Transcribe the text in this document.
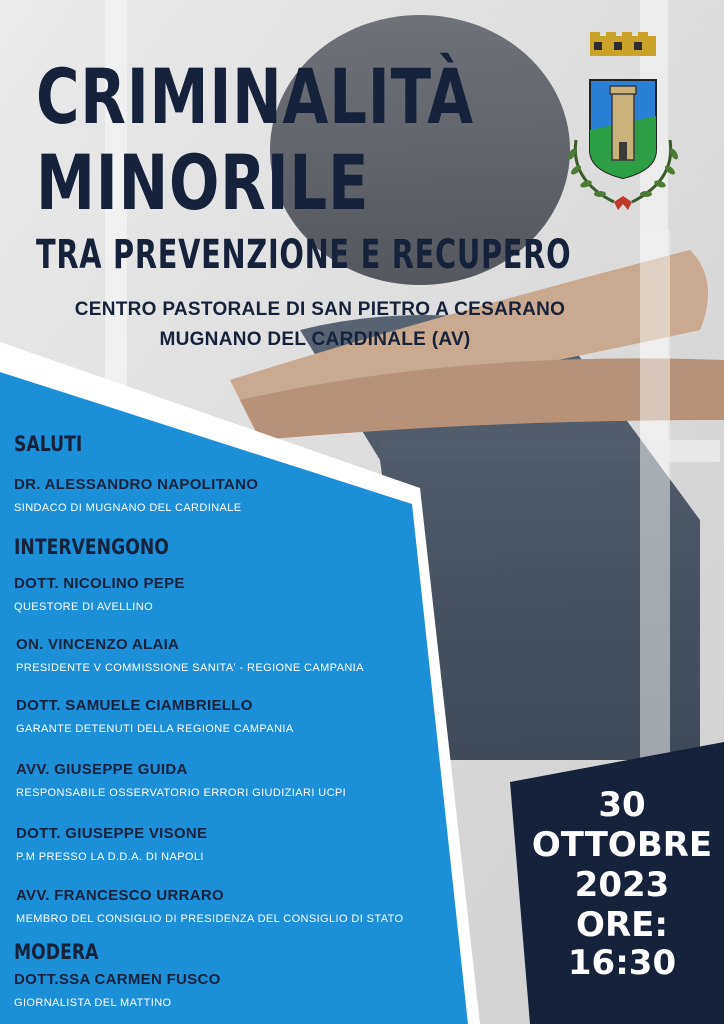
CRIMINALITÀ
MINORILE
TRA PREVENZIONE E RECUPERO
CENTRO PASTORALE DI SAN PIETRO A CESARANO
MUGNANO DEL CARDINALE (AV)
SALUTI
DR. ALESSANDRO NAPOLITANO
SINDACO DI MUGNANO DEL CARDINALE
INTERVENGONO
DOTT. NICOLINO PEPE
QUESTORE DI AVELLINO
ON. VINCENZO ALAIA
PRESIDENTE V COMMISSIONE SANITA' - REGIONE CAMPANIA
DOTT. SAMUELE CIAMBRIELLO
GARANTE DETENUTI DELLA REGIONE CAMPANIA
AVV. GIUSEPPE GUIDA
RESPONSABILE OSSERVATORIO ERRORI GIUDIZIARI UCPI
DOTT. GIUSEPPE VISONE
P.M PRESSO LA D.D.A. DI NAPOLI
AVV. FRANCESCO URRARO
MEMBRO DEL CONSIGLIO DI PRESIDENZA DEL CONSIGLIO DI STATO
MODERA
DOTT.SSA CARMEN FUSCO
GIORNALISTA DEL MATTINO
30
OTTOBRE
2023
ORE: 16:30
